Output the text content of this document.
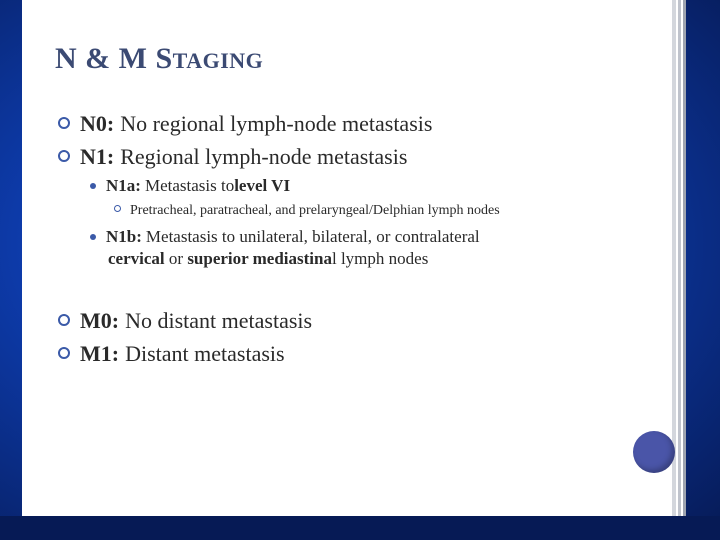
N & M STAGING
N0: No regional lymph-node metastasis
N1: Regional lymph-node metastasis
N1a: Metastasis to level VI
Pretracheal, paratracheal, and prelaryngeal/Delphian lymph nodes
N1b: Metastasis to unilateral, bilateral, or contralateral
cervical or superior mediastina l lymph nodes
M0: No distant metastasis
M1: Distant metastasis
